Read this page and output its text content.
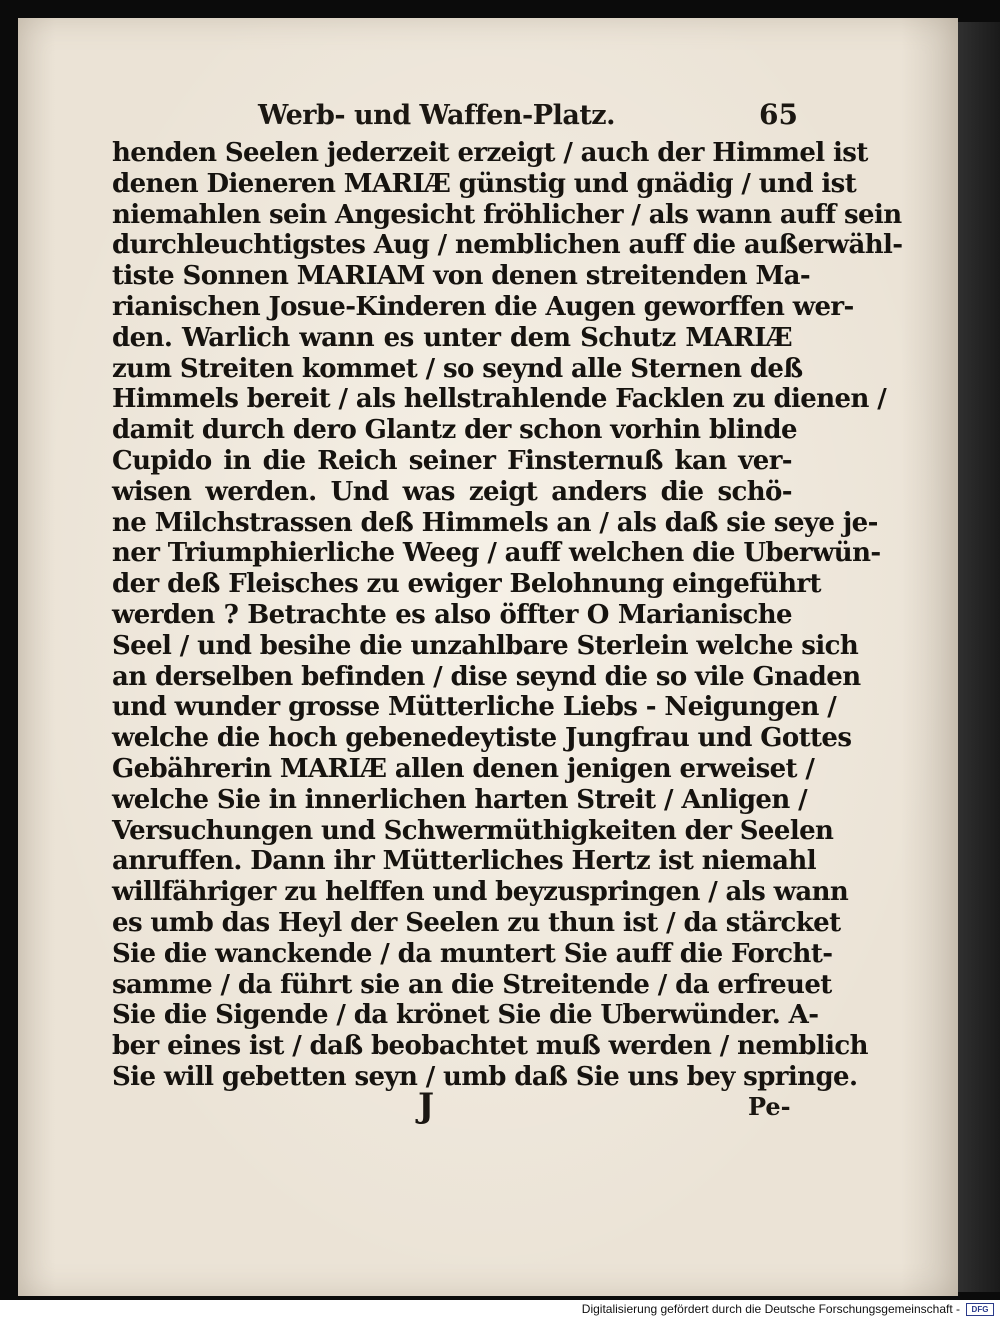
Werb- und Waffen-Platz.	65
henden Seelen jederzeit erzeigt / auch der Himmel ist
denen Dieneren MARIÆ günstig und gnädig / und ist
niemahlen sein Angesicht fröhlicher / als wann auff sein
durchleuchtigstes Aug / nemblichen auff die außerwähl-
tiste Sonnen MARIAM von denen streitenden Ma-
rianischen Josue-Kinderen die Augen geworffen wer-
den. Warlich wann es unter dem Schutz MARIÆ
zum Streiten kommet / so seynd alle Sternen deß
Himmels bereit / als hellstrahlende Facklen zu dienen /
damit durch dero Glantz der schon vorhin blinde
Cupido in die Reich seiner Finsternuß kan ver-
wisen werden. Und was zeigt anders die schö-
ne Milchstrassen deß Himmels an / als daß sie seye je-
ner Triumphierliche Weeg / auff welchen die Uberwün-
der deß Fleisches zu ewiger Belohnung eingeführt
werden ? Betrachte es also öffter O Marianische
Seel / und besihe die unzahlbare Sterlein welche sich
an derselben befinden / dise seynd die so vile Gnaden
und wunder grosse Mütterliche Liebs - Neigungen /
welche die hoch gebenedeytiste Jungfrau und Gottes
Gebährerin MARIÆ allen denen jenigen erweiset /
welche Sie in innerlichen harten Streit / Anligen /
Versuchungen und Schwermüthigkeiten der Seelen
anruffen. Dann ihr Mütterliches Hertz ist niemahl
willfähriger zu helffen und beyzuspringen / als wann
es umb das Heyl der Seelen zu thun ist / da stärcket
Sie die wanckende / da muntert Sie auff die Forcht-
samme / da führt sie an die Streitende / da erfreuet
Sie die Sigende / da krönet Sie die Uberwünder. A-
ber eines ist / daß beobachtet muß werden / nemblich
Sie will gebetten seyn / umb daß Sie uns bey springe.
J	Pe-
Digitalisierung gefördert durch die Deutsche Forschungsgemeinschaft -	DFG
